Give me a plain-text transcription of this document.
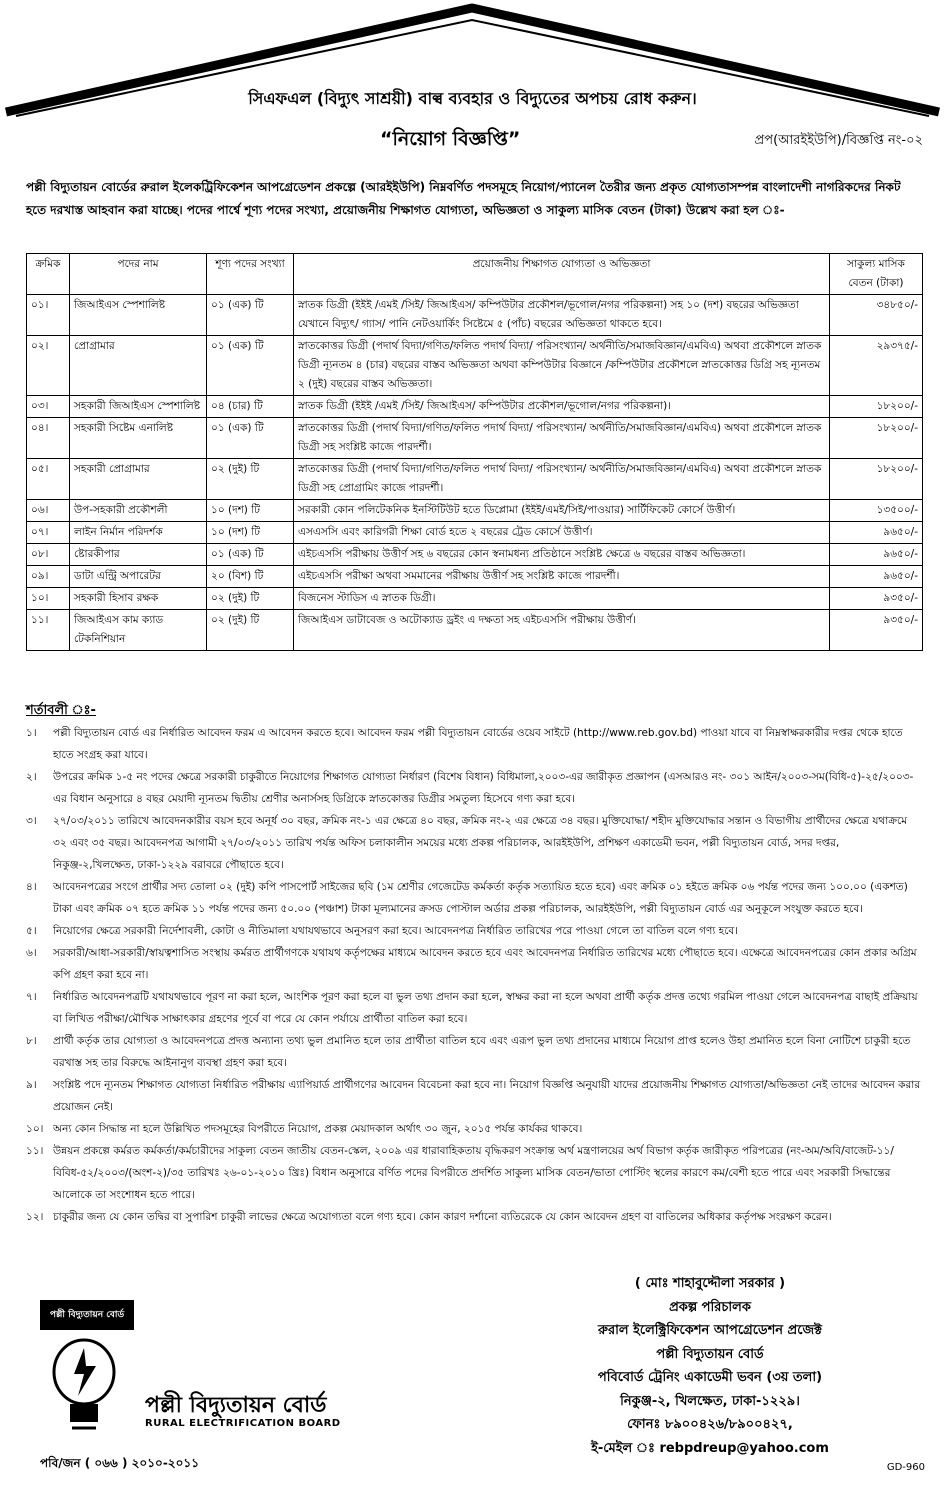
সিএফএল (বিদ্যুৎ সাশ্রয়ী) বাল্ব ব্যবহার ও বিদ্যুতের অপচয় রোধ করুন।
“নিয়োগ বিজ্ঞপ্তি”	প্রপ(আরইইউপি)/বিজ্ঞপ্তি নং-০২
পল্লী বিদ্যুতায়ন বোর্ডের রুরাল ইলেকট্রিফিকেশন আপগ্রেডেশন প্রকল্পে (আরইইউপি) নিম্নবর্ণিত পদসমূহে নিয়োগ/প্যানেল তৈরীর জন্য প্রকৃত যোগ্যতাসম্পন্ন বাংলাদেশী নাগরিকদের নিকট হতে দরখাস্ত আহবান করা যাচ্ছে। পদের পার্শ্বে শূণ্য পদের সংখ্যা, প্রয়োজনীয় শিক্ষাগত যোগ্যতা, অভিজ্ঞতা ও সাকুল্য মাসিক বেতন (টাকা) উল্লেখ করা হল ঃ-
ক্রমিক	পদের নাম	শূণ্য পদের সংখ্যা	প্রয়োজনীয় শিক্ষাগত যোগ্যতা ও অভিজ্ঞতা	সাকুল্য মাসিক বেতন (টাকা)
০১।	জিআইএস স্পেশালিষ্ট	০১ (এক) টি	স্নাতক ডিগ্রী (ইইই /এমই /সিই/ জিআইএস/ কম্পিউটার প্রকৌশল/ভূগোল/নগর পরিকল্পনা) সহ ১০ (দশ) বছরের অভিজ্ঞতা যেখানে বিদ্যুৎ/ গ্যাস/ পানি নেটওয়ার্কিং সিষ্টেমে ৫ (পাঁচ) বছরের অভিজ্ঞতা থাকতে হবে।	৩৪৮৫০/-
০২।	প্রোগ্রামার	০১ (এক) টি	স্নাতকোত্তর ডিগ্রী (পদার্থ বিদ্যা/গণিত/ফলিত পদার্থ বিদ্যা/ পরিসংখ্যান/ অর্থনীতি/সমাজবিজ্ঞান/এমবিএ) অথবা প্রকৌশলে স্নাতক ডিগ্রী ন্যূনতম ৪ (চার) বছরের বাস্তব অভিজ্ঞতা অথবা কম্পিউটার বিজ্ঞানে /কম্পিউটার প্রকৌশলে স্নাতকোত্তর ডিগ্রি সহ ন্যূনতম ২ (দুই) বছরের বাস্তব অভিজ্ঞতা।	২৯৩৭৫/-
০৩।	সহকারী জিআইএস স্পেশালিষ্ট	০৪ (চার) টি	স্নাতক ডিগ্রী (ইইই /এমই /সিই/ জিআইএস/ কম্পিউটার প্রকৌশল/ভূগোল/নগর পরিকল্পনা)।	১৮২০০/-
০৪।	সহকারী সিষ্টেম এনালিষ্ট	০১ (এক) টি	স্নাতকোত্তর ডিগ্রী (পদার্থ বিদ্যা/গণিত/ফলিত পদার্থ বিদ্যা/ পরিসংখ্যান/ অর্থনীতি/সমাজবিজ্ঞান/এমবিএ) অথবা প্রকৌশলে স্নাতক ডিগ্রী সহ সংশ্লিষ্ট কাজে পারদর্শী।	১৮২০০/-
০৫।	সহকারী প্রোগ্রামার	০২ (দুই) টি	স্নাতকোত্তর ডিগ্রী (পদার্থ বিদ্যা/গণিত/ফলিত পদার্থ বিদ্যা/ পরিসংখ্যান/ অর্থনীতি/সমাজবিজ্ঞান/এমবিএ) অথবা প্রকৌশলে স্নাতক ডিগ্রী সহ প্রোগ্রামিং কাজে পারদর্শী।	১৮২০০/-
০৬।	উপ-সহকারী প্রকৌশলী	১০ (দশ) টি	সরকারী কোন পলিটেকনিক ইনস্টিটিউট হতে ডিপ্লোমা (ইইই/এমই/সিই/পাওয়ার) সার্টিফিকেট কোর্সে উত্তীর্ণ।	১৩৫০০/-
০৭।	লাইন নির্মান পরিদর্শক	১০ (দশ) টি	এসএসসি এবং কারিগরী শিক্ষা বোর্ড হতে ২ বছরের ট্রেড কোর্সে উত্তীর্ণ।	৯৬৫০/-
০৮।	ষ্টোরকীপার	০১ (এক) টি	এইচএসসি পরীক্ষায় উত্তীর্ণ সহ ৬ বছরের কোন স্বনামধন্য প্রতিষ্ঠানে সংশ্লিষ্ট ক্ষেত্রে ৬ বছরের বাস্তব অভিজ্ঞতা।	৯৬৫০/-
০৯।	ডাটা এন্ট্রি অপারেটর	২০ (বিশ) টি	এইচএসসি পরীক্ষা অথবা সমমানের পরীক্ষায় উত্তীর্ণ সহ সংশ্লিষ্ট কাজে পারদর্শী।	৯৬৫০/-
১০।	সহকারী হিসাব রক্ষক	০২ (দুই) টি	বিজনেস স্টাডিস এ স্নাতক ডিগ্রী।	৯৩৫০/-
১১।	জিআইএস কাম ক্যাড টেকনিশিয়ান	০২ (দুই) টি	জিআইএস ডাটাবেজ ও অটোক্যাড ড্রইং এ দক্ষতা সহ এইচএসসি পরীক্ষায় উত্তীর্ণ।	৯৩৫০/-
শর্তাবলী ঃ-
১।	পল্লী বিদ্যুতায়ন বোর্ড এর নির্ধারিত আবেদন ফরম এ আবেদন করতে হবে। আবেদন ফরম পল্লী বিদ্যুতায়ন বোর্ডের ওয়েব সাইটে (http://www.reb.gov.bd) পাওয়া যাবে বা নিম্নস্বাক্ষরকারীর দপ্তর থেকে হাতে হাতে সংগ্রহ করা যাবে।
২।	উপরের ক্রমিক ১-৫ নং পদের ক্ষেত্রে সরকারী চাকুরীতে নিয়োগের শিক্ষাগত যোগ্যতা নির্ধারণ (বিশেষ বিধান) বিধিমালা,২০০৩-এর জারীকৃত প্রজ্ঞাপন (এসআরও নং- ৩০১ আইন/২০০৩-সম(বিধি-৫)-২৫/২০০৩-এর বিধান অনুসারে ৪ বছর মেয়াদী ন্যূনতম দ্বিতীয় শ্রেণীর অনার্সসহ ডিগ্রিকে স্নাতকোত্তর ডিগ্রীর সমতুল্য হিসেবে গণ্য করা হবে।
৩।	২৭/০৩/২০১১ তারিখে আবেদনকারীর বয়স হবে অনূর্ধ ৩০ বছর, ক্রমিক নং-১ এর ক্ষেত্রে ৪০ বছর, ক্রমিক নং-২ এর ক্ষেত্রে ৩৪ বছর। মুক্তিযোদ্ধা/ শহীদ মুক্তিযোদ্ধার সন্তান ও বিভাগীয় প্রার্থীদের ক্ষেত্রে যথাক্রমে ৩২ এবং ৩৫ বছর। আবেদনপত্র আগামী ২৭/০৩/২০১১ তারিখ পর্যন্ত অফিস চলাকালীন সময়ের মধ্যে প্রকল্প পরিচালক, আরইইউপি, প্রশিক্ষণ একাডেমী ভবন, পল্লী বিদ্যুতায়ন বোর্ড, সদর দপ্তর, নিকুঞ্জ-২,খিলক্ষেত, ঢাকা-১২২৯ বরাবরে পৌছাতে হবে।
৪।	আবেদনপত্রের সংগে প্রার্থীর সদ্য তোলা ০২ (দুই) কপি পাসপোর্ট সাইজের ছবি (১ম শ্রেণীর গেজেটেড কর্মকর্তা কর্তৃক সত্যায়িত হতে হবে) এবং ক্রমিক ০১ হইতে ক্রমিক ০৬ পর্যন্ত পদের জন্য ১০০.০০ (একশত) টাকা এবং ক্রমিক ০৭ হতে ক্রমিক ১১ পর্যন্ত পদের জন্য ৫০.০০ (পঞ্চাশ) টাকা মূল্যমানের ক্রসড পোস্টাল অর্ডার প্রকল্প পরিচালক, আরইইউপি, পল্লী বিদ্যুতায়ন বোর্ড এর অনুকূলে সংযুক্ত করতে হবে।
৫।	নিয়োগের ক্ষেত্রে সরকারী নির্দেশাবলী, কোটা ও নীতিমালা যথাযথভাবে অনুসরণ করা হবে। আবেদনপত্র নির্ধারিত তারিখের পরে পাওয়া গেলে তা বাতিল বলে গণ্য হবে।
৬।	সরকারী/আধা-সরকারী/স্বায়ত্বশাসিত সংস্থায় কর্মরত প্রার্থীগণকে যথাযথ কর্তৃপক্ষের মাধ্যমে আবেদন করতে হবে এবং আবেদনপত্র নির্ধারিত তারিখের মধ্যে পৌছাতে হবে। এক্ষেত্রে আবেদনপত্রের কোন প্রকার অগ্রিম কপি গ্রহণ করা হবে না।
৭।	নির্ধারিত আবেদনপত্রটি যথাযথভাবে পূরণ না করা হলে, আংশিক পূরণ করা হলে বা ভুল তথ্য প্রদান করা হলে, স্বাক্ষর করা না হলে অথবা প্রার্থী কর্তৃক প্রদত্ত তথ্যে গরমিল পাওয়া গেলে আবেদনপত্র বাছাই প্রক্রিয়ায় বা লিখিত পরীক্ষা/মৌখিক সাক্ষাৎকার গ্রহণের পূর্বে বা পরে যে কোন পর্যায়ে প্রার্থীতা বাতিল করা হবে।
৮।	প্রার্থী কর্তৃক তার যোগ্যতা ও আবেদনপত্রে প্রদত্ত অন্যান্য তথ্য ভুল প্রমানিত হলে তার প্রার্থীতা বাতিল হবে এবং এরূপ ভুল তথ্য প্রদানের মাধ্যমে নিয়োগ প্রাপ্ত হলেও উহা প্রমানিত হলে বিনা নোটিশে চাকুরী হতে বরখাস্ত সহ তার বিরুদ্ধে আইনানুগ ব্যবস্থা গ্রহণ করা হবে।
৯।	সংশ্লিষ্ট পদে ন্যূনতম শিক্ষাগত যোগ্যতা নির্ধারিত পরীক্ষায় এ্যাপিয়ার্ড প্রার্থীগণের আবেদন বিবেচনা করা হবে না। নিয়োগ বিজ্ঞপ্তি অনুযায়ী যাদের প্রয়োজনীয় শিক্ষাগত যোগ্যতা/অভিজ্ঞতা নেই তাদের আবেদন করার প্রয়োজন নেই।
১০। অন্য কোন সিদ্ধান্ত না হলে উল্লিখিত পদসমূহের বিপরীতে নিয়োগ, প্রকল্প মেয়াদকাল অর্থাৎ ৩০ জুন, ২০১৫ পর্যন্ত কার্যকর থাকবে।
১১। উন্নয়ন প্রকল্পে কর্মরত কর্মকর্তা/কর্মচারীদের সাকুল্য বেতন জাতীয় বেতন-স্কেল, ২০০৯ এর ধারাবাহিকতায় বৃদ্ধিকরণ সংক্রান্ত অর্থ মন্ত্রণালয়ের অর্থ বিভাগ কর্তৃক জারীকৃত পরিপত্রের (নং-অম/অবি/বাজেট-১১/বিবিধ-৫২/২০০৩/(অংশ-২)/৩৫ তারিখঃ ২৬-০১-২০১০ খ্রিঃ) বিধান অনুসারে বর্ণিত পদের বিপরীতে প্রদর্শিত সাকুল্য মাসিক বেতন/ভাতা পোস্টিং স্থলের কারণে কম/বেশী হতে পারে এবং সরকারী সিদ্ধান্তের আলোকে তা সংশোধন হতে পারে।
১২। চাকুরীর জন্য যে কোন তদ্বির বা সুপারিশ চাকুরী লাভের ক্ষেত্রে অযোগ্যতা বলে গণ্য হবে। কোন কারণ দর্শানো ব্যতিরেকে যে কোন আবেদন গ্রহণ বা বাতিলের অধিকার কর্তৃপক্ষ সংরক্ষণ করেন।
পল্লী বিদ্যুতায়ন বোর্ড
পল্লী বিদ্যুতায়ন বোর্ড
RURAL ELECTRIFICATION BOARD
( মোঃ শাহাবুদ্দৌলা সরকার )
প্রকল্প পরিচালক
রুরাল ইলেক্ট্রিফিকেশন আপগ্রেডেশন প্রজেক্ট
পল্লী বিদ্যুতায়ন বোর্ড
পবিবোর্ড ট্রেনিং একাডেমী ভবন (৩য় তলা)
নিকুঞ্জ-২, খিলক্ষেত, ঢাকা-১২২৯।
ফোনঃ ৮৯০০৪২৬/৮৯০০৪২৭,
ই-মেইল ঃ rebpdreup@yahoo.com
পবি/জন ( ০৬৬ ) ২০১০-২০১১	GD-960
